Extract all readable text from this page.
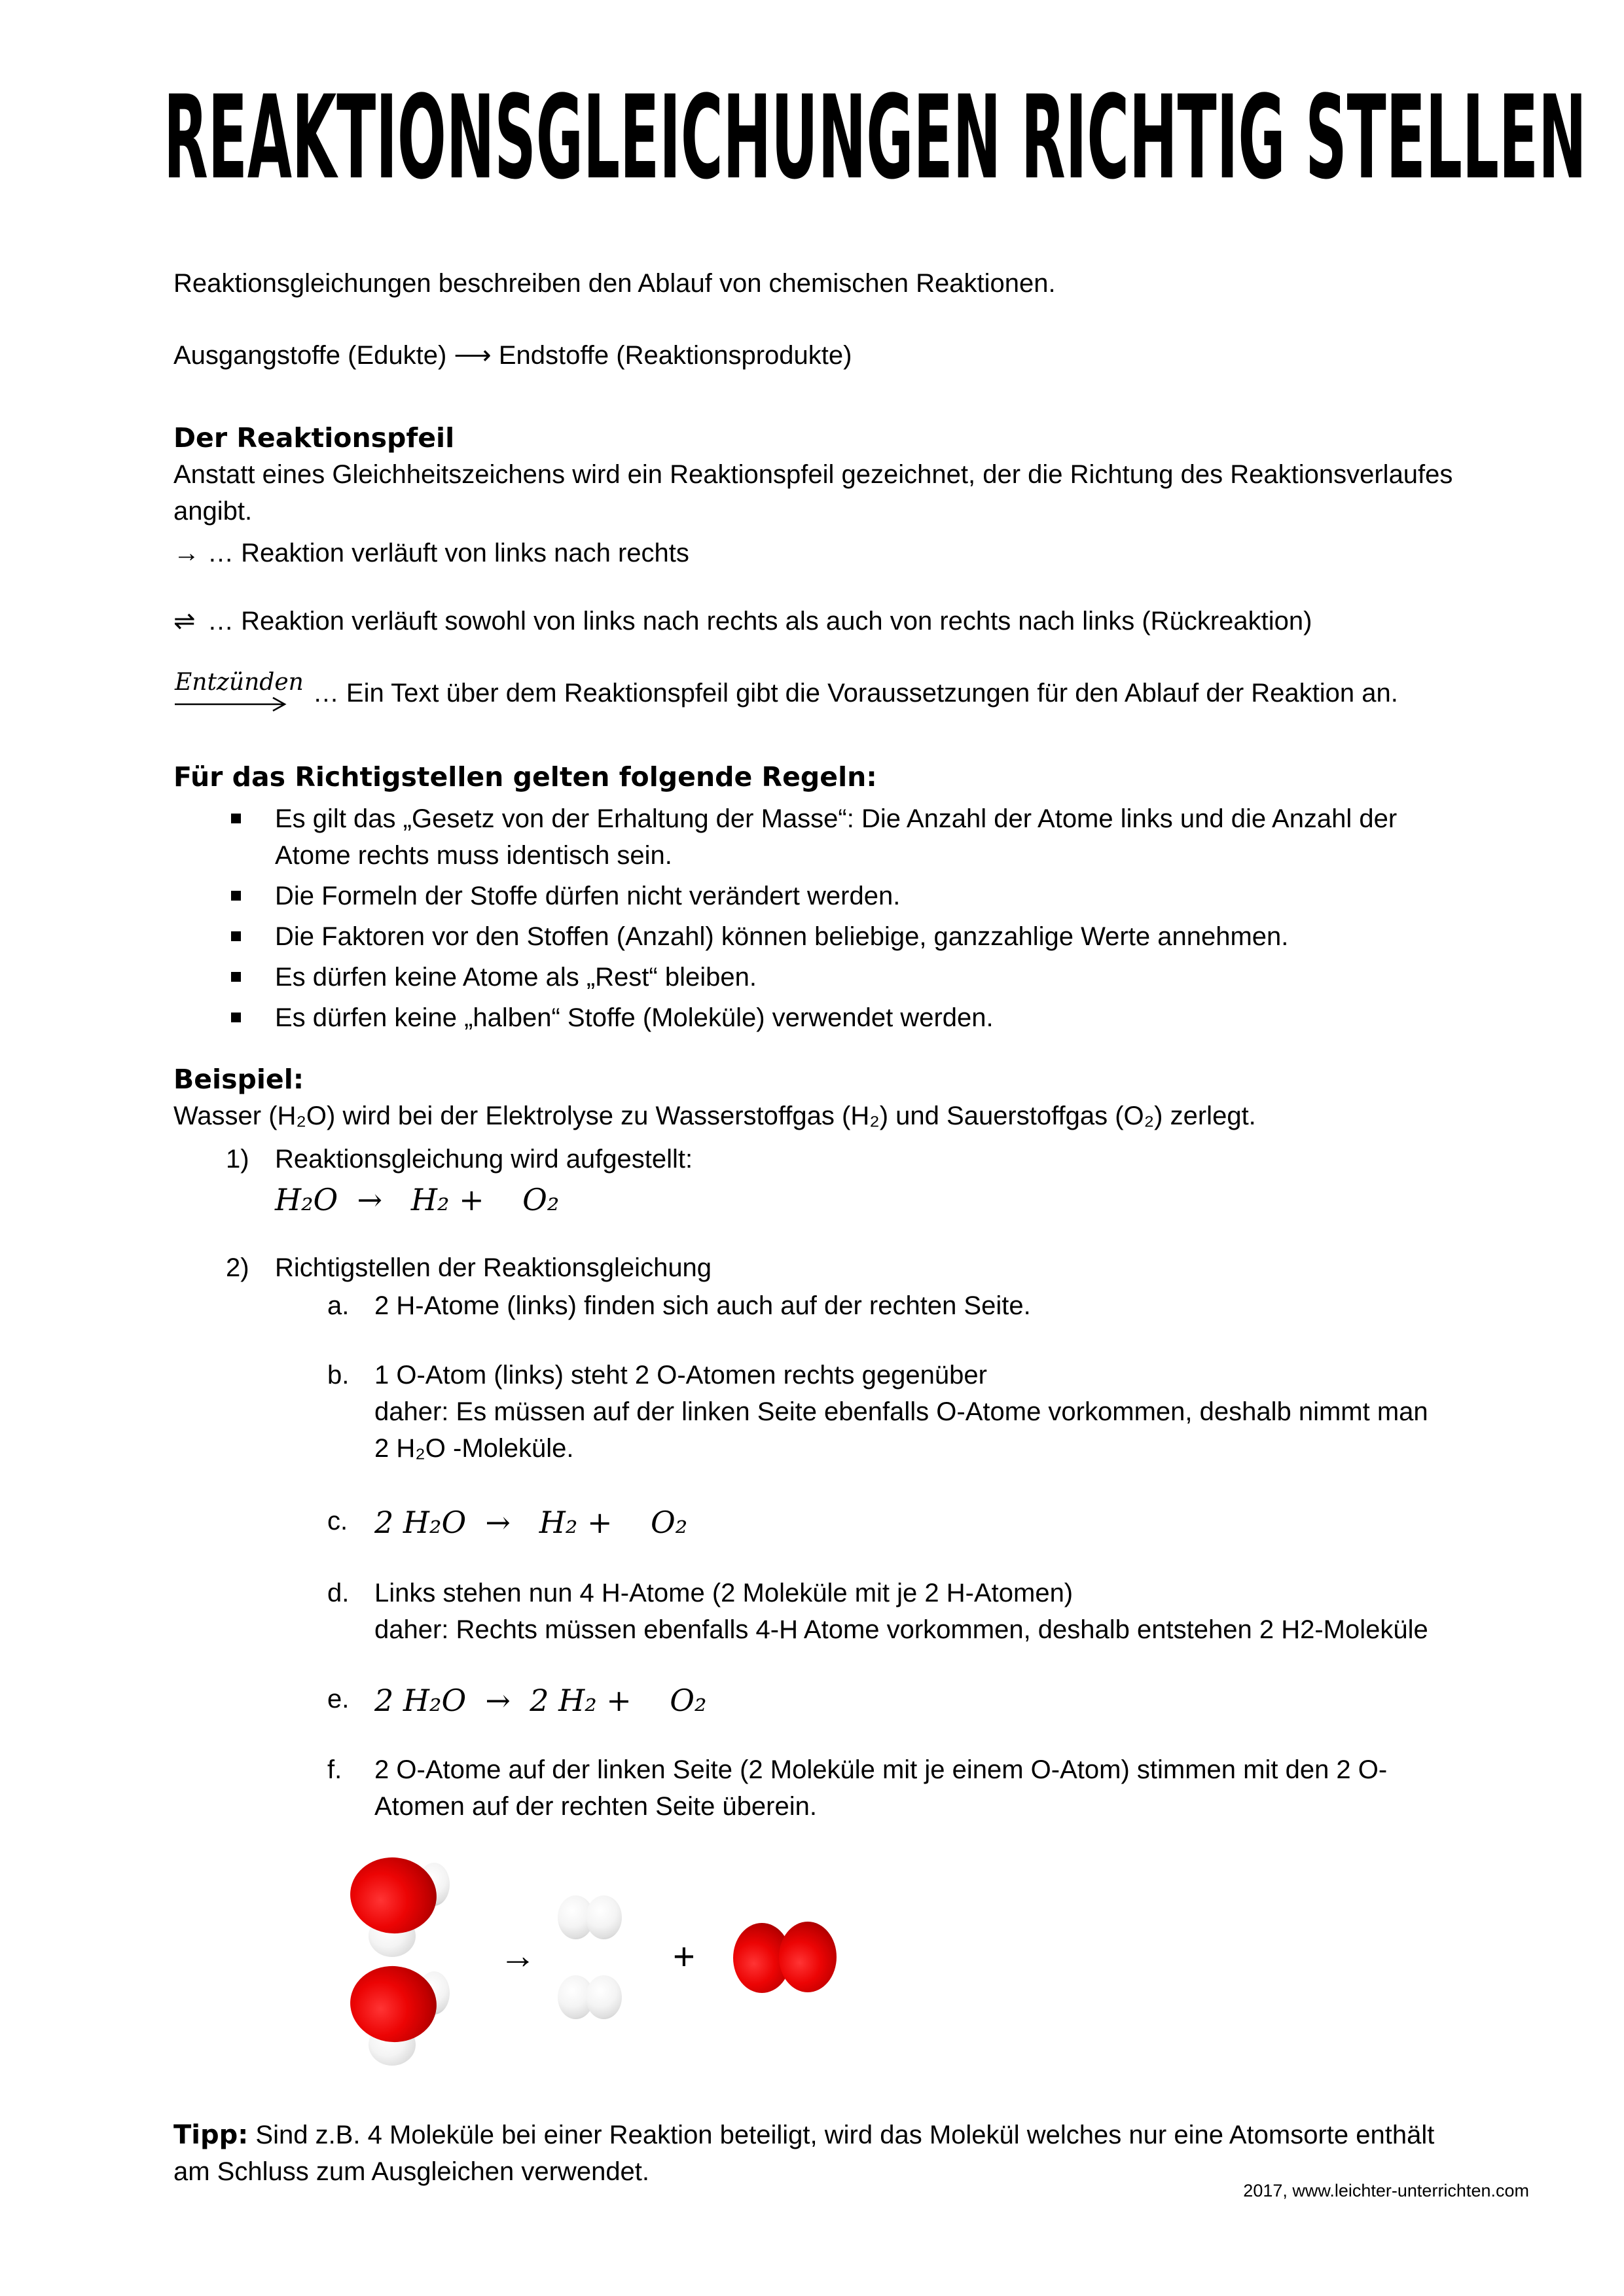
REAKTIONSGLEICHUNGEN RICHTIG STELLEN

Reaktionsgleichungen beschreiben den Ablauf von chemischen Reaktionen.

Ausgangstoffe (Edukte) ⟶ Endstoffe (Reaktionsprodukte)

Der Reaktionspfeil

Anstatt eines Gleichheitszeichens wird ein Reaktionspfeil gezeichnet, der die Richtung des Reaktionsverlaufes
angibt.

→ … Reaktion verläuft von links nach rechts

⇌ … Reaktion verläuft sowohl von links nach rechts als auch von rechts nach links (Rückreaktion)

Entzünden … Ein Text über dem Reaktionspfeil gibt die Voraussetzungen für den Ablauf der Reaktion an.
Für das Richtigstellen gelten folgende Regeln:
Es gilt das „Gesetz von der Erhaltung der Masse“: Die Anzahl der Atome links und die Anzahl der
Atome rechts muss identisch sein.
Die Formeln der Stoffe dürfen nicht verändert werden.
Die Faktoren vor den Stoffen (Anzahl) können beliebige, ganzzahlige Werte annehmen.
Es dürfen keine Atome als „Rest“ bleiben.
Es dürfen keine „halben“ Stoffe (Moleküle) verwendet werden.
Beispiel:

Wasser (H₂O) wird bei der Elektrolyse zu Wasserstoffgas (H₂) und Sauerstoffgas (O₂) zerlegt.

1) Reaktionsgleichung wird aufgestellt:
H₂O  →   H₂ +    O₂
2) Richtigstellen der Reaktionsgleichung
a. 2 H-Atome (links) finden sich auch auf der rechten Seite.
b. 1 O-Atom (links) steht 2 O-Atomen rechts gegenüber
daher: Es müssen auf der linken Seite ebenfalls O-Atome vorkommen, deshalb nimmt man
2 H₂O -Moleküle.
c. 2 H₂O  →   H₂ +    O₂
d. Links stehen nun 4 H-Atome (2 Moleküle mit je 2 H-Atomen)
daher: Rechts müssen ebenfalls 4-H Atome vorkommen, deshalb entstehen 2 H2-Moleküle
e. 2 H₂O  →  2 H₂ +    O₂
f.	2 O-Atome auf der linken Seite (2 Moleküle mit je einem O-Atom) stimmen mit den 2 O-
Atomen auf der rechten Seite überein.
→	+

Tipp: Sind z.B. 4 Moleküle bei einer Reaktion beteiligt, wird das Molekül welches nur eine Atomsorte enthält
am Schluss zum Ausgleichen verwendet.

2017, www.leichter-unterrichten.com
